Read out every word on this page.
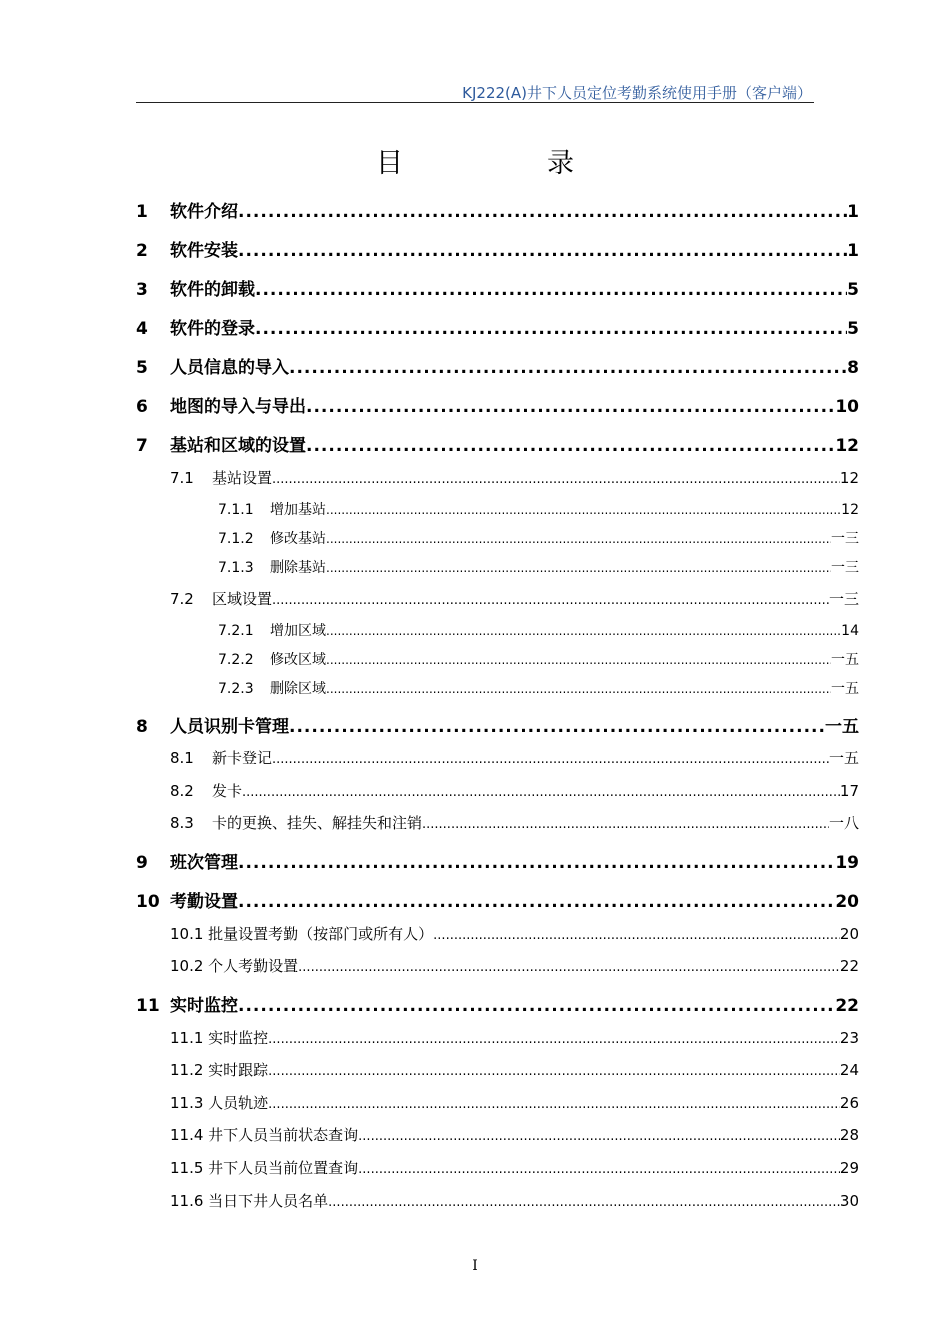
KJ222(A)井下人员定位考勤系统使用手册（客户端）
目	录
1	软件介绍 .....	1
2	软件安装 .....	1
3	软件的卸载 .....	5
4	软件的登录 .....	5
5	人员信息的导入 .....	8
6	地图的导入与导出 .....	10
7	基站和区域的设置 .....	12
7.1	基站设置 .....	12
7.1.1	增加基站 .....	12
7.1.2	修改基站 .....	一三
7.1.3	删除基站 .....	一三
7.2	区域设置 .....	一三
7.2.1	增加区域 .....	14
7.2.2	修改区域 .....	一五
7.2.3	删除区域 .....	一五
8	人员识别卡管理 .....	一五
8.1	新卡登记 .....	一五
8.2	发卡 .....	17
8.3	卡的更换、挂失、解挂失和注销 .....	一八
9	班次管理 .....	19
10 考勤设置 .....	20
10.1 批量设置考勤（按部门或所有人） .....	20
10.2 个人考勤设置 .....	22
11 实时监控 .....	22
11.1 实时监控 .....	23
11.2 实时跟踪 .....	24
11.3 人员轨迹 .....	26
11.4 井下人员当前状态查询 .....	28
11.5 井下人员当前位置查询 .....	29
11.6 当日下井人员名单 .....	30
I
